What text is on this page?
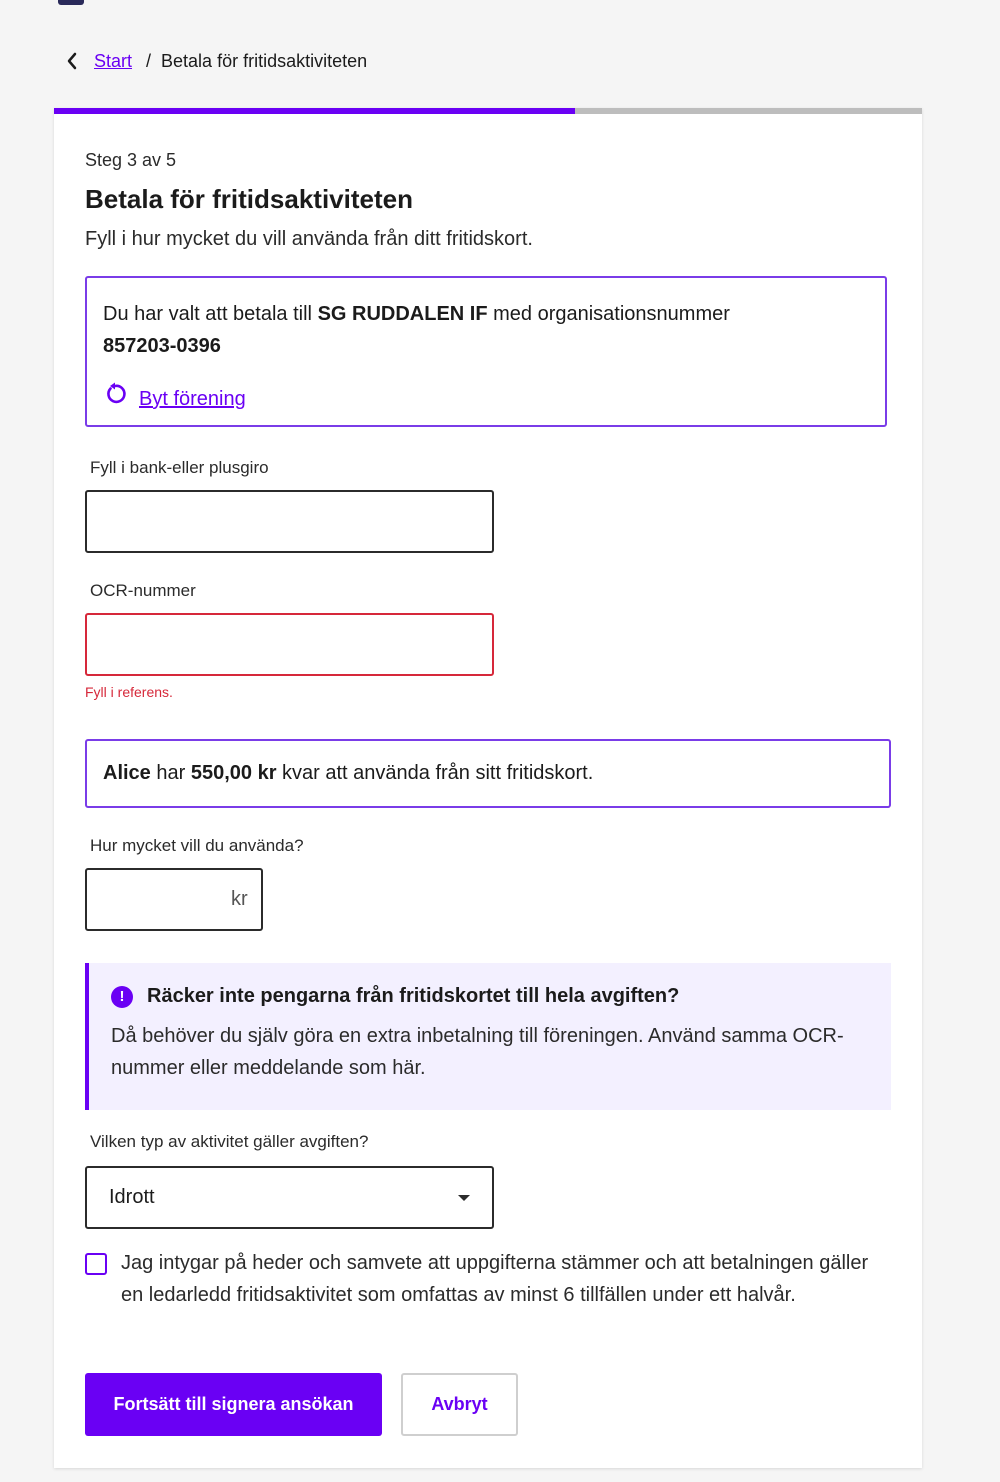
Start / Betala för fritidsaktiviteten
Steg 3 av 5
Betala för fritidsaktiviteten
Fyll i hur mycket du vill använda från ditt fritidskort.
Du har valt att betala till SG RUDDALEN IF med organisationsnummer
857203-0396
Byt förening
Fyll i bank-eller plusgiro
OCR-nummer
Fyll i referens.
Alice har 550,00 kr kvar att använda från sitt fritidskort.
Hur mycket vill du använda?
kr
!	Räcker inte pengarna från fritidskortet till hela avgiften?
Då behöver du själv göra en extra inbetalning till föreningen. Använd samma OCR-nummer eller meddelande som här.
Vilken typ av aktivitet gäller avgiften?
Idrott
Jag intygar på heder och samvete att uppgifterna stämmer och att betalningen gäller en ledarledd fritidsaktivitet som omfattas av minst 6 tillfällen under ett halvår.
Fortsätt till signera ansökan	Avbryt
